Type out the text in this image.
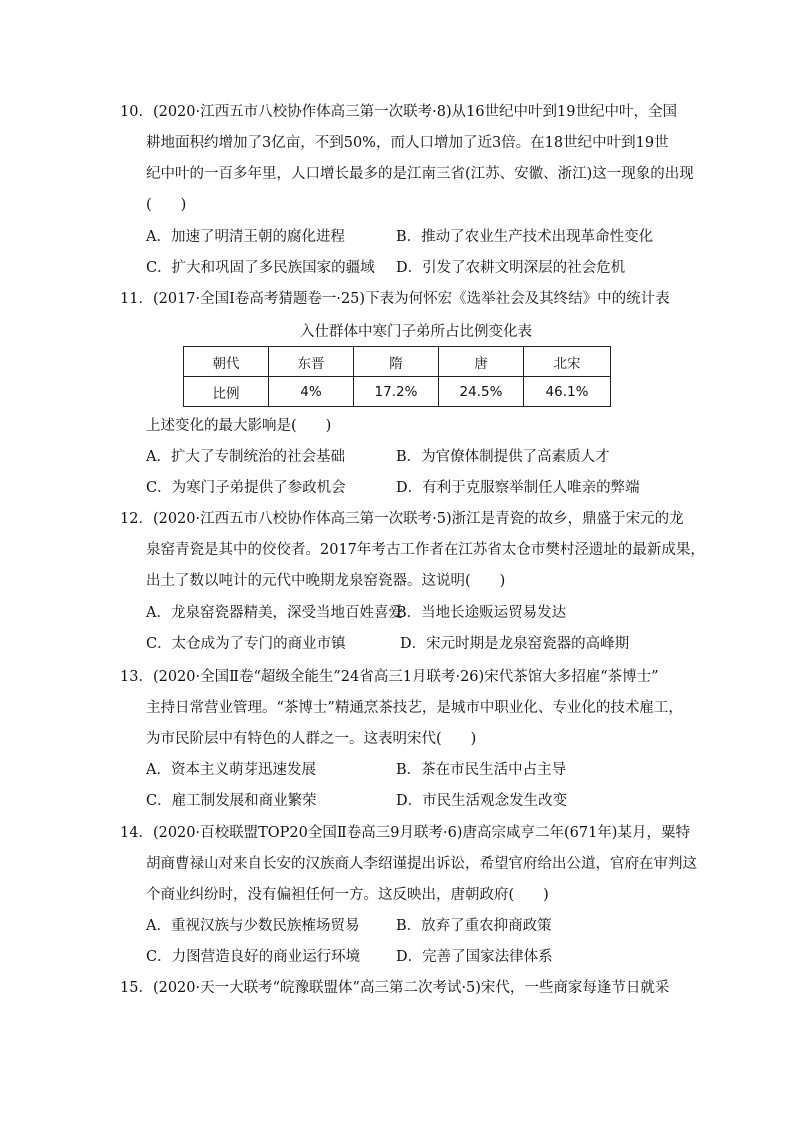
10．(2020·江西五市八校协作体高三第一次联考·8)从16世纪中叶到19世纪中叶，全国
耕地面积约增加了3亿亩，不到50%，而人口增加了近3倍。在18世纪中叶到19世
纪中叶的一百多年里，人口增长最多的是江南三省(江苏、安徽、浙江)这一现象的出现
(　　)
A．加速了明清王朝的腐化进程	B．推动了农业生产技术出现革命性变化
C．扩大和巩固了多民族国家的疆域 D．引发了农耕文明深层的社会危机
11．(2017·全国Ⅰ卷高考猜题卷一·25)下表为何怀宏《选举社会及其终结》中的统计表
入仕群体中寒门子弟所占比例变化表
朝代	东晋	隋	唐	北宋
比例	4%	17.2%	24.5%	46.1%
上述变化的最大影响是(　　)
A．扩大了专制统治的社会基础	B．为官僚体制提供了高素质人才
C．为寒门子弟提供了参政机会	D．有利于克服察举制任人唯亲的弊端
12．(2020·江西五市八校协作体高三第一次联考·5)浙江是青瓷的故乡，鼎盛于宋元的龙
泉窑青瓷是其中的佼佼者。2017年考古工作者在江苏省太仓市樊村泾遗址的最新成果，
出土了数以吨计的元代中晚期龙泉窑瓷器。这说明(　　)
A．龙泉窑瓷器精美，深受当地百姓喜爱
B．当地长途贩运贸易发达
C．太仓成为了专门的商业市镇	D．宋元时期是龙泉窑瓷器的高峰期
13．(2020·全国Ⅱ卷“超级全能生”24省高三1月联考·26)宋代茶馆大多招雇“茶博士”
主持日常营业管理。“茶博士”精通烹茶技艺，是城市中职业化、专业化的技术雇工，
为市民阶层中有特色的人群之一。这表明宋代(　　)
A．资本主义萌芽迅速发展	B．茶在市民生活中占主导
C．雇工制发展和商业繁荣	D．市民生活观念发生改变
14．(2020·百校联盟TOP20全国Ⅱ卷高三9月联考·6)唐高宗咸亨二年(671年)某月，粟特
胡商曹禄山对来自长安的汉族商人李绍谨提出诉讼，希望官府给出公道，官府在审判这
个商业纠纷时，没有偏袒任何一方。这反映出，唐朝政府(　　)
A．重视汉族与少数民族榷场贸易	B．放弃了重农抑商政策
C．力图营造良好的商业运行环境 D．完善了国家法律体系
15．(2020·天一大联考“皖豫联盟体”高三第二次考试·5)宋代，一些商家每逢节日就采
